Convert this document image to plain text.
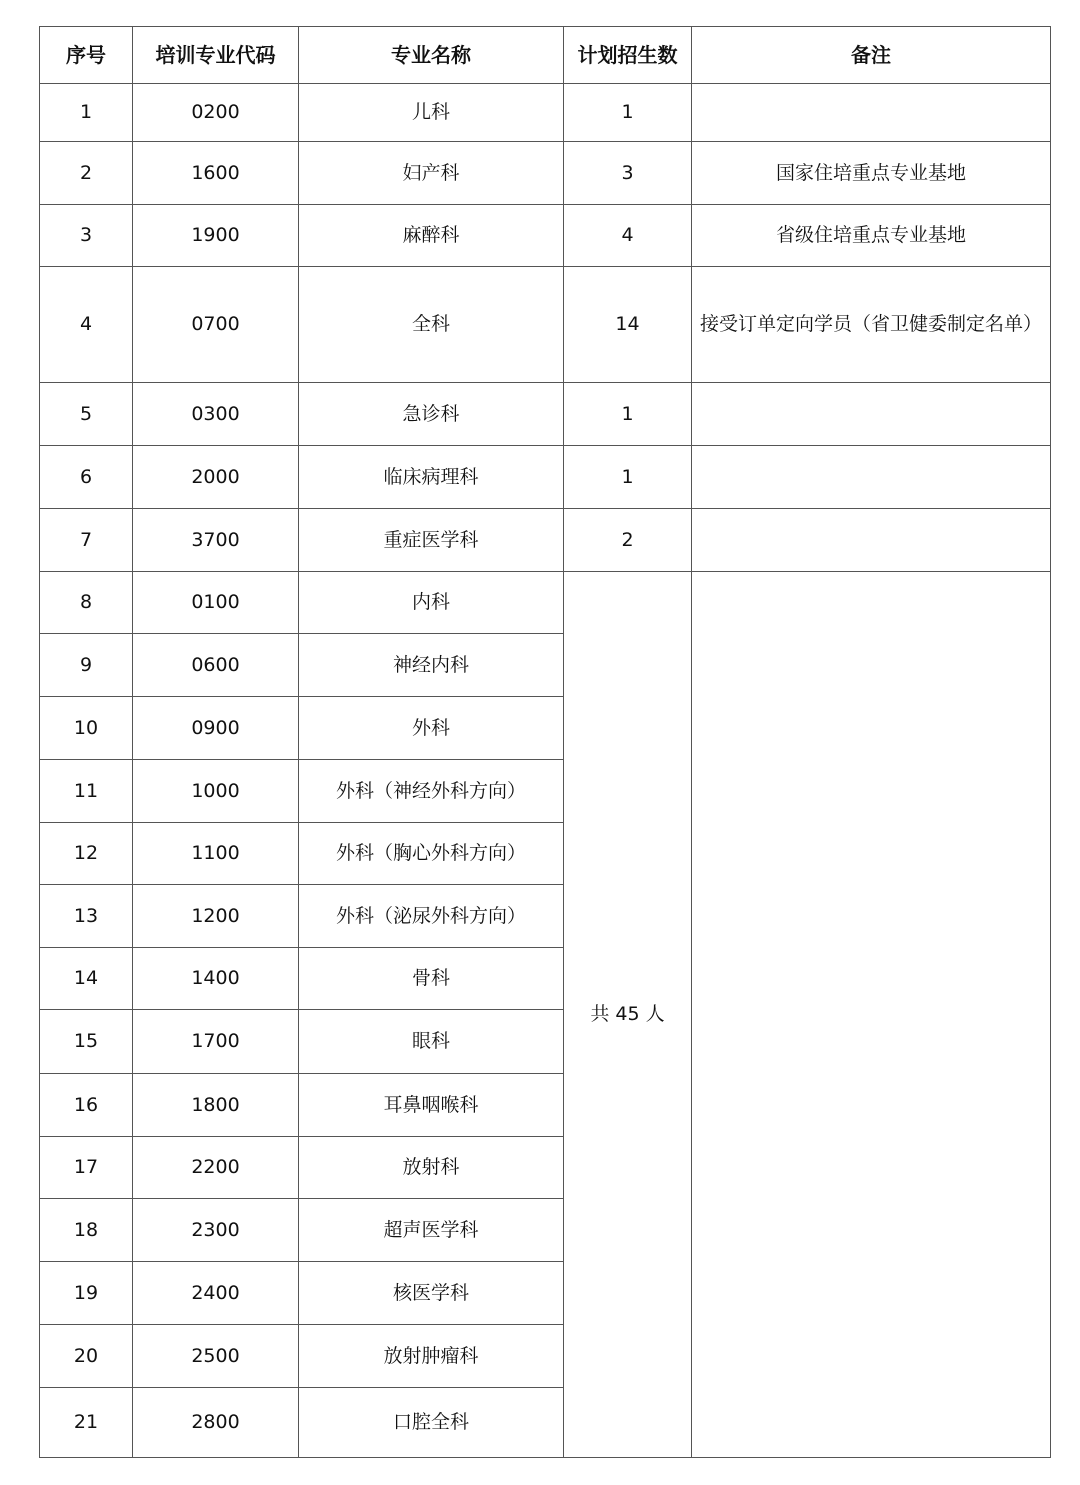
序号	培训专业代码	专业名称	计划招生数	备注
1	0200	儿科	1	
2	1600	妇产科	3	国家住培重点专业基地
3	1900	麻醉科	4	省级住培重点专业基地
4	0700	全科	14	接受订单定向学员（省卫健委制定名单）
5	0300	急诊科	1	
6	2000	临床病理科	1	
7	3700	重症医学科	2	
8	0100	内科	共 45 人	
9	0600	神经内科		
10	0900	外科		
11	1000	外科（神经外科方向）		
12	1100	外科（胸心外科方向）		
13	1200	外科（泌尿外科方向）		
14	1400	骨科		
15	1700	眼科		
16	1800	耳鼻咽喉科		
17	2200	放射科		
18	2300	超声医学科		
19	2400	核医学科		
20	2500	放射肿瘤科		
21	2800	口腔全科		
